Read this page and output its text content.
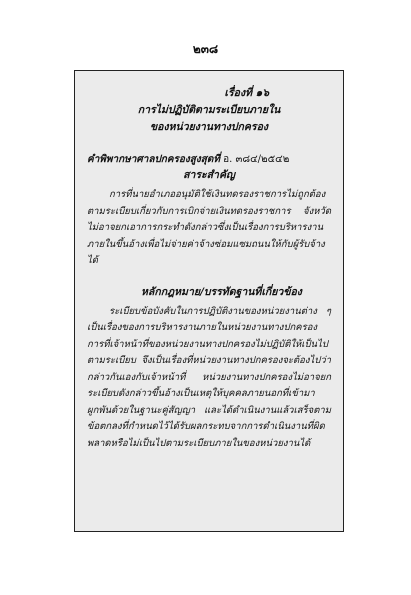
๒๓๘
เรื่องที่ ๑๖
การไม่ปฏิบัติตามระเบียบภายใน
ของหน่วยงานทางปกครอง
คำพิพากษาศาลปกครองสูงสุดที่ อ. ๓๘๔/๒๕๔๒
สาระสำคัญ

การที่นายอำเภออนุมัติใช้เงินทดรองราชการไม่ถูกต้องตามระเบียบเกี่ยวกับการเบิกจ่ายเงินทดรองราชการ จังหวัดไม่อาจยกเอาการกระทำดังกล่าวซึ่งเป็นเรื่องการบริหารงานภายในขึ้นอ้างเพื่อไม่จ่ายค่าจ้างซ่อมแซมถนนให้กับผู้รับจ้างได้

หลักกฎหมาย/บรรทัดฐานที่เกี่ยวข้อง

ระเบียบข้อบังคับในการปฏิบัติงานของหน่วยงานต่าง ๆ เป็นเรื่องของการบริหารงานภายในหน่วยงานทางปกครอง การที่เจ้าหน้าที่ของหน่วยงานทางปกครองไม่ปฏิบัติให้เป็นไปตามระเบียบ จึงเป็นเรื่องที่หน่วยงานทางปกครองจะต้องไปว่ากล่าวกันเองกับเจ้าหน้าที่ หน่วยงานทางปกครองไม่อาจยกระเบียบดังกล่าวขึ้นอ้างเป็นเหตุให้บุคคลภายนอกที่เข้ามาผูกพันด้วยในฐานะคู่สัญญา และได้ดำเนินงานแล้วเสร็จตามข้อตกลงที่กำหนดไว้ได้รับผลกระทบจากการดำเนินงานที่ผิดพลาดหรือไม่เป็นไปตามระเบียบภายในของหน่วยงานได้
